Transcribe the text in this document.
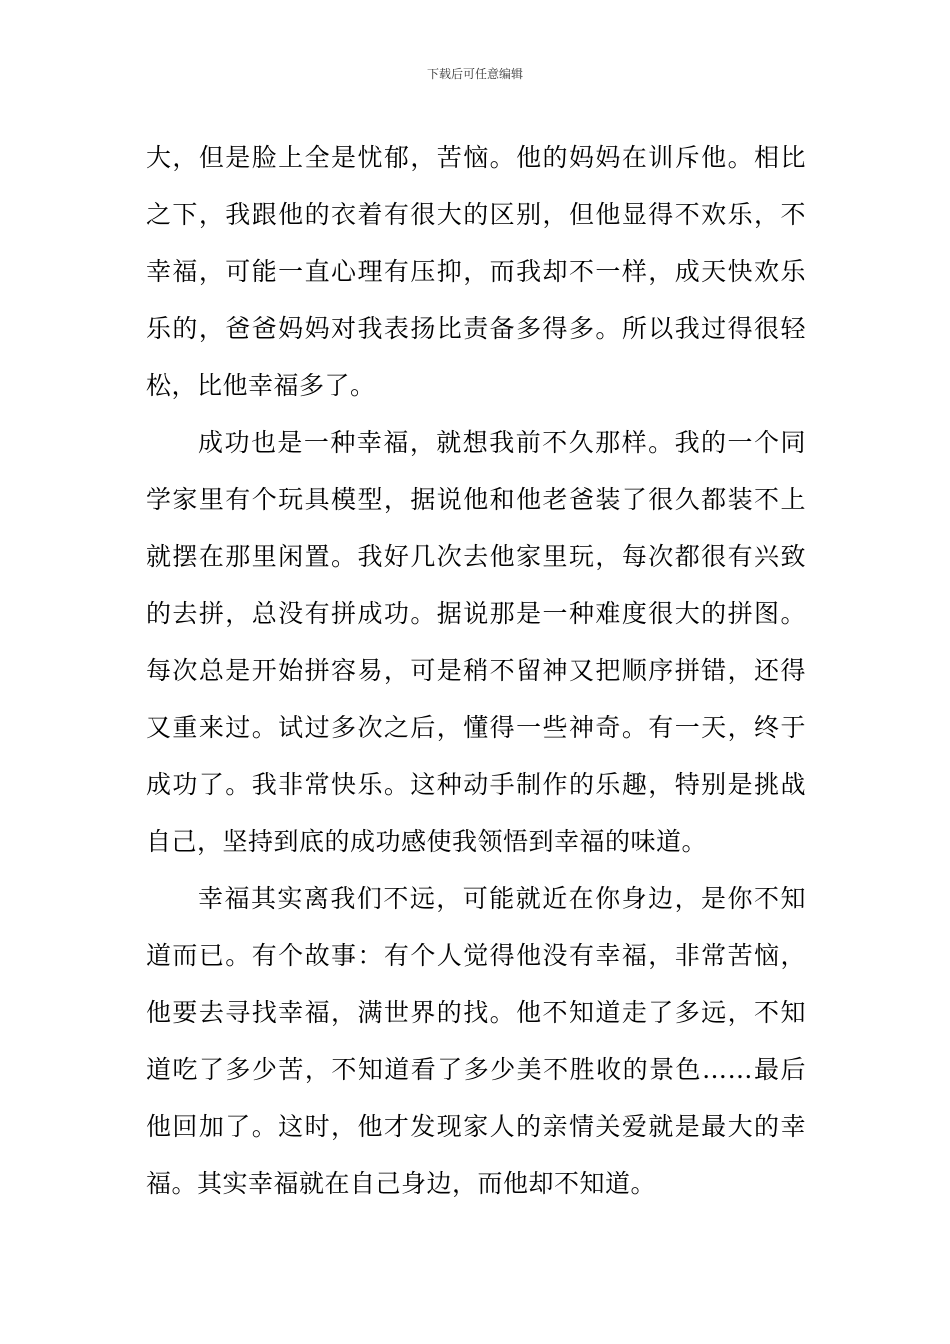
下载后可任意编辑

大，但是脸上全是忧郁，苦恼。他的妈妈在训斥他。相比之下，我跟他的衣着有很大的区别，但他显得不欢乐，不幸福，可能一直心理有压抑，而我却不一样，成天快欢乐乐的，爸爸妈妈对我表扬比责备多得多。所以我过得很轻松，比他幸福多了。

成功也是一种幸福，就想我前不久那样。我的一个同学家里有个玩具模型，据说他和他老爸装了很久都装不上就摆在那里闲置。我好几次去他家里玩，每次都很有兴致的去拼，总没有拼成功。据说那是一种难度很大的拼图。每次总是开始拼容易，可是稍不留神又把顺序拼错，还得又重来过。试过多次之后，懂得一些神奇。有一天，终于成功了。我非常快乐。这种动手制作的乐趣，特别是挑战自己，坚持到底的成功感使我领悟到幸福的味道。

幸福其实离我们不远，可能就近在你身边，是你不知道而已。有个故事：有个人觉得他没有幸福，非常苦恼，他要去寻找幸福，满世界的找。他不知道走了多远，不知道吃了多少苦，不知道看了多少美不胜收的景色……最后他回加了。这时，他才发现家人的亲情关爱就是最大的幸福。其实幸福就在自己身边，而他却不知道。
